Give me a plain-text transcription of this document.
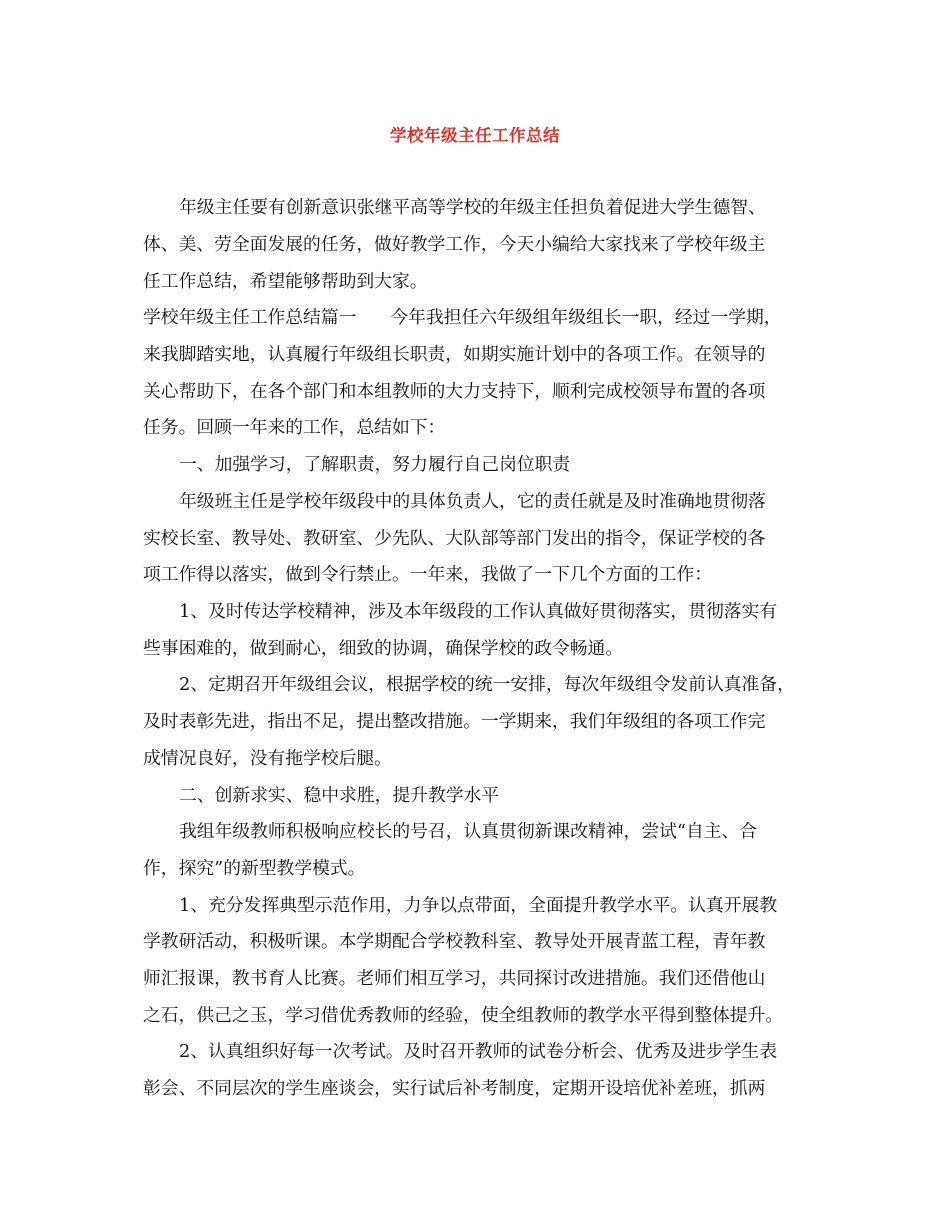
学校年级主任工作总结
年级主任要有创新意识张继平高等学校的年级主任担负着促进大学生德智、
体、美、劳全面发展的任务，做好教学工作，今天小编给大家找来了学校年级主
任工作总结，希望能够帮助到大家。
学校年级主任工作总结篇一 今年我担任六年级组年级组长一职，经过一学期，
来我脚踏实地，认真履行年级组长职责，如期实施计划中的各项工作。在领导的
关心帮助下，在各个部门和本组教师的大力支持下，顺利完成校领导布置的各项
任务。回顾一年来的工作，总结如下：
一、加强学习，了解职责，努力履行自己岗位职责
年级班主任是学校年级段中的具体负责人，它的责任就是及时准确地贯彻落
实校长室、教导处、教研室、少先队、大队部等部门发出的指令，保证学校的各
项工作得以落实，做到令行禁止。一年来，我做了一下几个方面的工作：
1、及时传达学校精神，涉及本年级段的工作认真做好贯彻落实，贯彻落实有
些事困难的，做到耐心，细致的协调，确保学校的政令畅通。
2、定期召开年级组会议，根据学校的统一安排，每次年级组令发前认真准备，
及时表彰先进，指出不足，提出整改措施。一学期来，我们年级组的各项工作完
成情况良好，没有拖学校后腿。
二、创新求实、稳中求胜，提升教学水平
我组年级教师积极响应校长的号召，认真贯彻新课改精神，尝试“自主、合
作，探究”的新型教学模式。
1、充分发挥典型示范作用，力争以点带面，全面提升教学水平。认真开展教
学教研活动，积极听课。本学期配合学校教科室、教导处开展青蓝工程，青年教
师汇报课，教书育人比赛。老师们相互学习，共同探讨改进措施。我们还借他山
之石，供己之玉，学习借优秀教师的经验，使全组教师的教学水平得到整体提升。
2、认真组织好每一次考试。及时召开教师的试卷分析会、优秀及进步学生表
彰会、不同层次的学生座谈会，实行试后补考制度，定期开设培优补差班，抓两
